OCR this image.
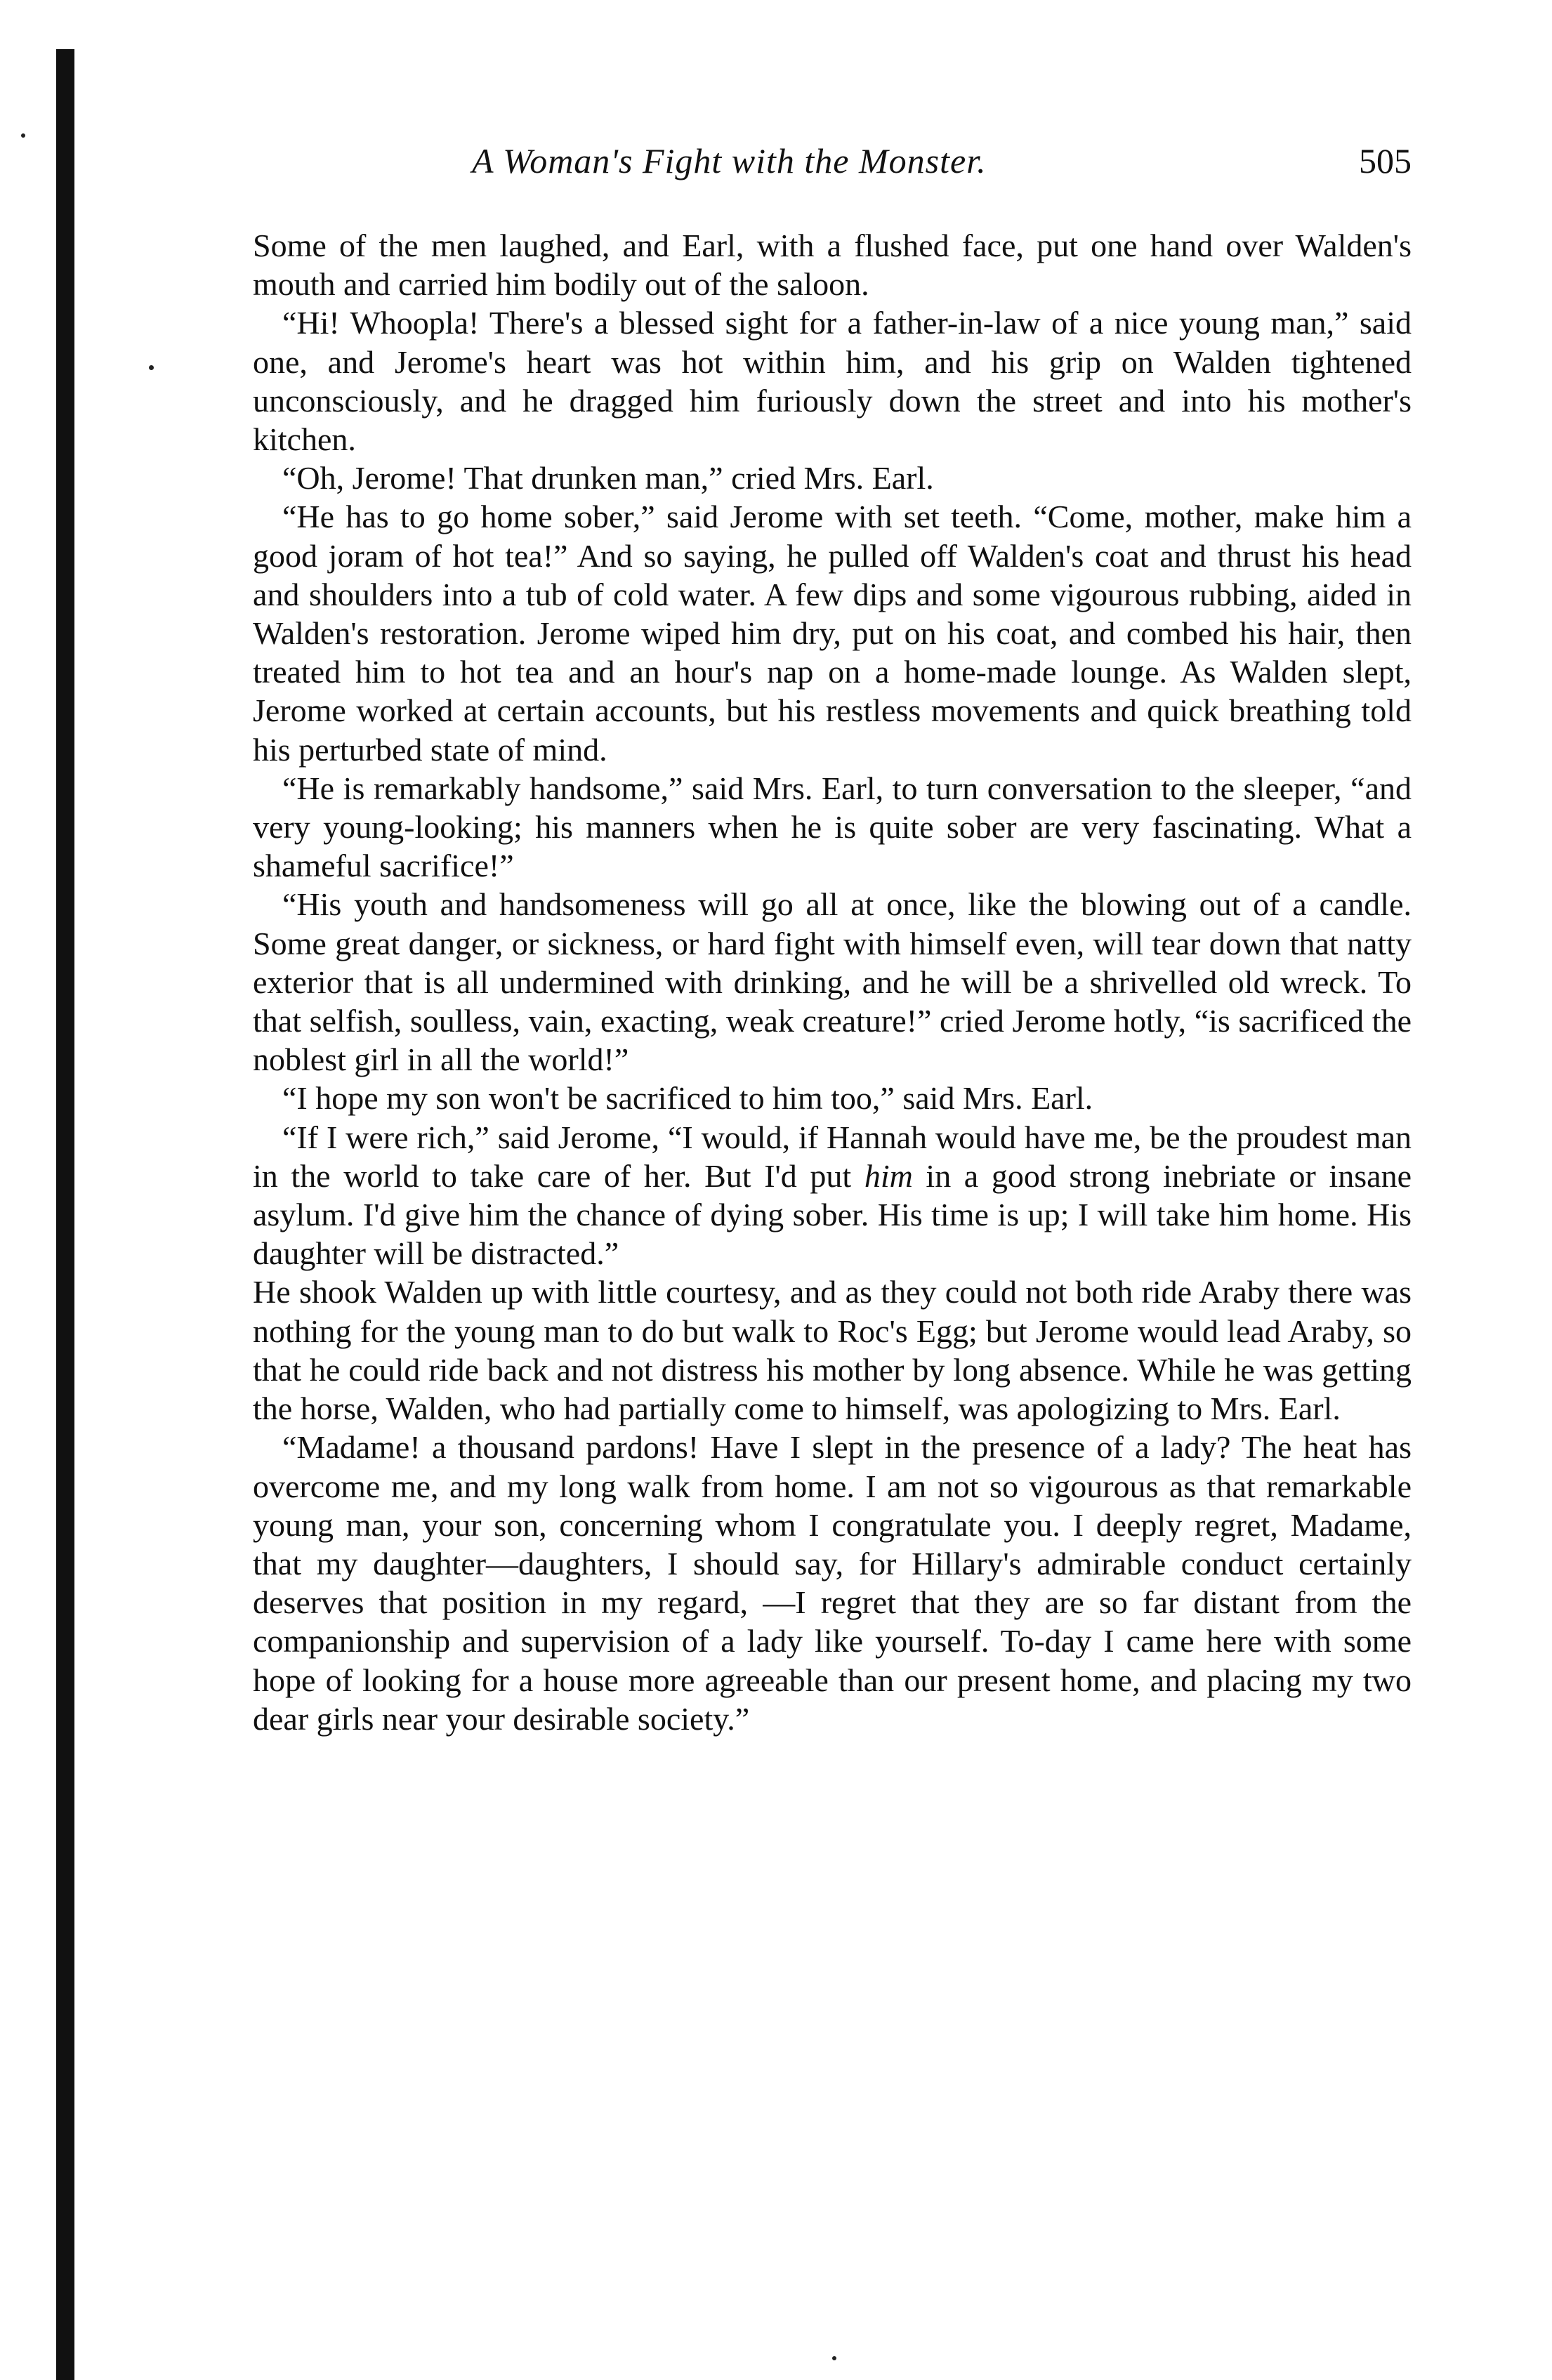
A Woman's Fight with the Monster.	505

Some of the men laughed, and Earl, with a flushed face, put one hand over Walden's mouth and carried him bodily out of the saloon.

“Hi! Whoopla! There's a blessed sight for a father-in-law of a nice young man,” said one, and Jerome's heart was hot within him, and his grip on Walden tightened unconsciously, and he dragged him furiously down the street and into his mother's kitchen.

“Oh, Jerome! That drunken man,” cried Mrs. Earl.

“He has to go home sober,” said Jerome with set teeth. “Come, mother, make him a good joram of hot tea!” And so saying, he pulled off Walden's coat and thrust his head and shoulders into a tub of cold water. A few dips and some vigourous rubbing, aided in Walden's restoration. Jerome wiped him dry, put on his coat, and combed his hair, then treated him to hot tea and an hour's nap on a home-made lounge. As Walden slept, Jerome worked at certain accounts, but his restless movements and quick breathing told his perturbed state of mind.

“He is remarkably handsome,” said Mrs. Earl, to turn conversation to the sleeper, “and very young-looking; his manners when he is quite sober are very fascinating. What a shameful sacrifice!”

“His youth and handsomeness will go all at once, like the blowing out of a candle. Some great danger, or sickness, or hard fight with himself even, will tear down that natty exterior that is all undermined with drinking, and he will be a shrivelled old wreck. To that selfish, soulless, vain, exacting, weak creature!” cried Jerome hotly, “is sacrificed the noblest girl in all the world!”

“I hope my son won't be sacrificed to him too,” said Mrs. Earl.

“If I were rich,” said Jerome, “I would, if Hannah would have me, be the proudest man in the world to take care of her. But I'd put him in a good strong inebriate or insane asylum. I'd give him the chance of dying sober. His time is up; I will take him home. His daughter will be distracted.”

He shook Walden up with little courtesy, and as they could not both ride Araby there was nothing for the young man to do but walk to Roc's Egg; but Jerome would lead Araby, so that he could ride back and not distress his mother by long absence. While he was getting the horse, Walden, who had partially come to himself, was apologizing to Mrs. Earl.

“Madame! a thousand pardons! Have I slept in the presence of a lady? The heat has overcome me, and my long walk from home. I am not so vigourous as that remarkable young man, your son, concerning whom I congratulate you. I deeply regret, Madame, that my daughter—daughters, I should say, for Hillary's admirable conduct certainly deserves that position in my regard, —I regret that they are so far distant from the companionship and supervision of a lady like yourself. To-day I came here with some hope of looking for a house more agreeable than our present home, and placing my two dear girls near your desirable society.”
